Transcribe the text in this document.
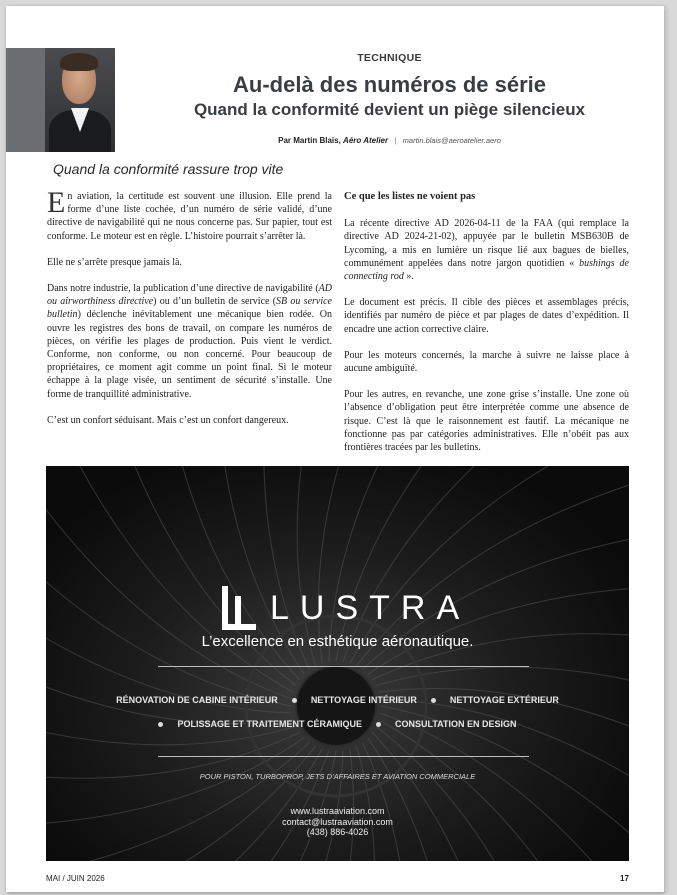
TECHNIQUE
Au-delà des numéros de série
Quand la conformité devient un piège silencieux
Par Martin Blais, Aéro Atelier | martin.blais@aeroatelier.aero
Quand la conformité rassure trop vite

En aviation, la certitude est souvent une illusion. Elle prend la forme d’une liste cochée, d’un numéro de série validé, d’une directive de navigabilité qui ne nous concerne pas. Sur papier, tout est conforme. Le moteur est en règle. L’histoire pourrait s’arrêter là.

Elle ne s’arrête presque jamais là.

Dans notre industrie, la publication d’une directive de navigabilité (AD ou airworthiness directive) ou d’un bulletin de service (SB ou service bulletin) déclenche inévitablement une mécanique bien rodée. On ouvre les registres des bons de travail, on compare les numéros de pièces, on vérifie les plages de production. Puis vient le verdict. Conforme, non conforme, ou non concerné. Pour beaucoup de propriétaires, ce moment agit comme un point final. Si le moteur échappe à la plage visée, un sentiment de sécurité s’installe. Une forme de tranquillité administrative.

C’est un confort séduisant. Mais c’est un confort dangereux.

Ce que les listes ne voient pas

La récente directive AD 2026-04-11 de la FAA (qui remplace la directive AD 2024-21-02), appuyée par le bulletin MSB630B de Lycoming, a mis en lumière un risque lié aux bagues de bielles, communément appelées dans notre jargon quotidien « bushings de connecting rod ».

Le document est précis. Il cible des pièces et assemblages précis, identifiés par numéro de pièce et par plages de dates d’expédition. Il encadre une action corrective claire.

Pour les moteurs concernés, la marche à suivre ne laisse place à aucune ambiguïté.

Pour les autres, en revanche, une zone grise s’installe. Une zone où l’absence d’obligation peut être interprétée comme une absence de risque. C’est là que le raisonnement est fautif. La mécanique ne fonctionne pas par catégories administratives. Elle n’obéit pas aux frontières tracées par les bulletins.

LUSTRA
L’excellence en esthétique aéronautique.
RÉNOVATION DE CABINE INTÉRIEUR	NETTOYAGE INTÉRIEUR	NETTOYAGE EXTÉRIEUR
POLISSAGE ET TRAITEMENT CÉRAMIQUE	CONSULTATION EN DESIGN
POUR PISTON, TURBOPROP, JETS D’AFFAIRES ET AVIATION COMMERCIALE
www.lustraaviation.com
contact@lustraaviation.com
(438) 886-4026
MAI / JUIN 2026	17
